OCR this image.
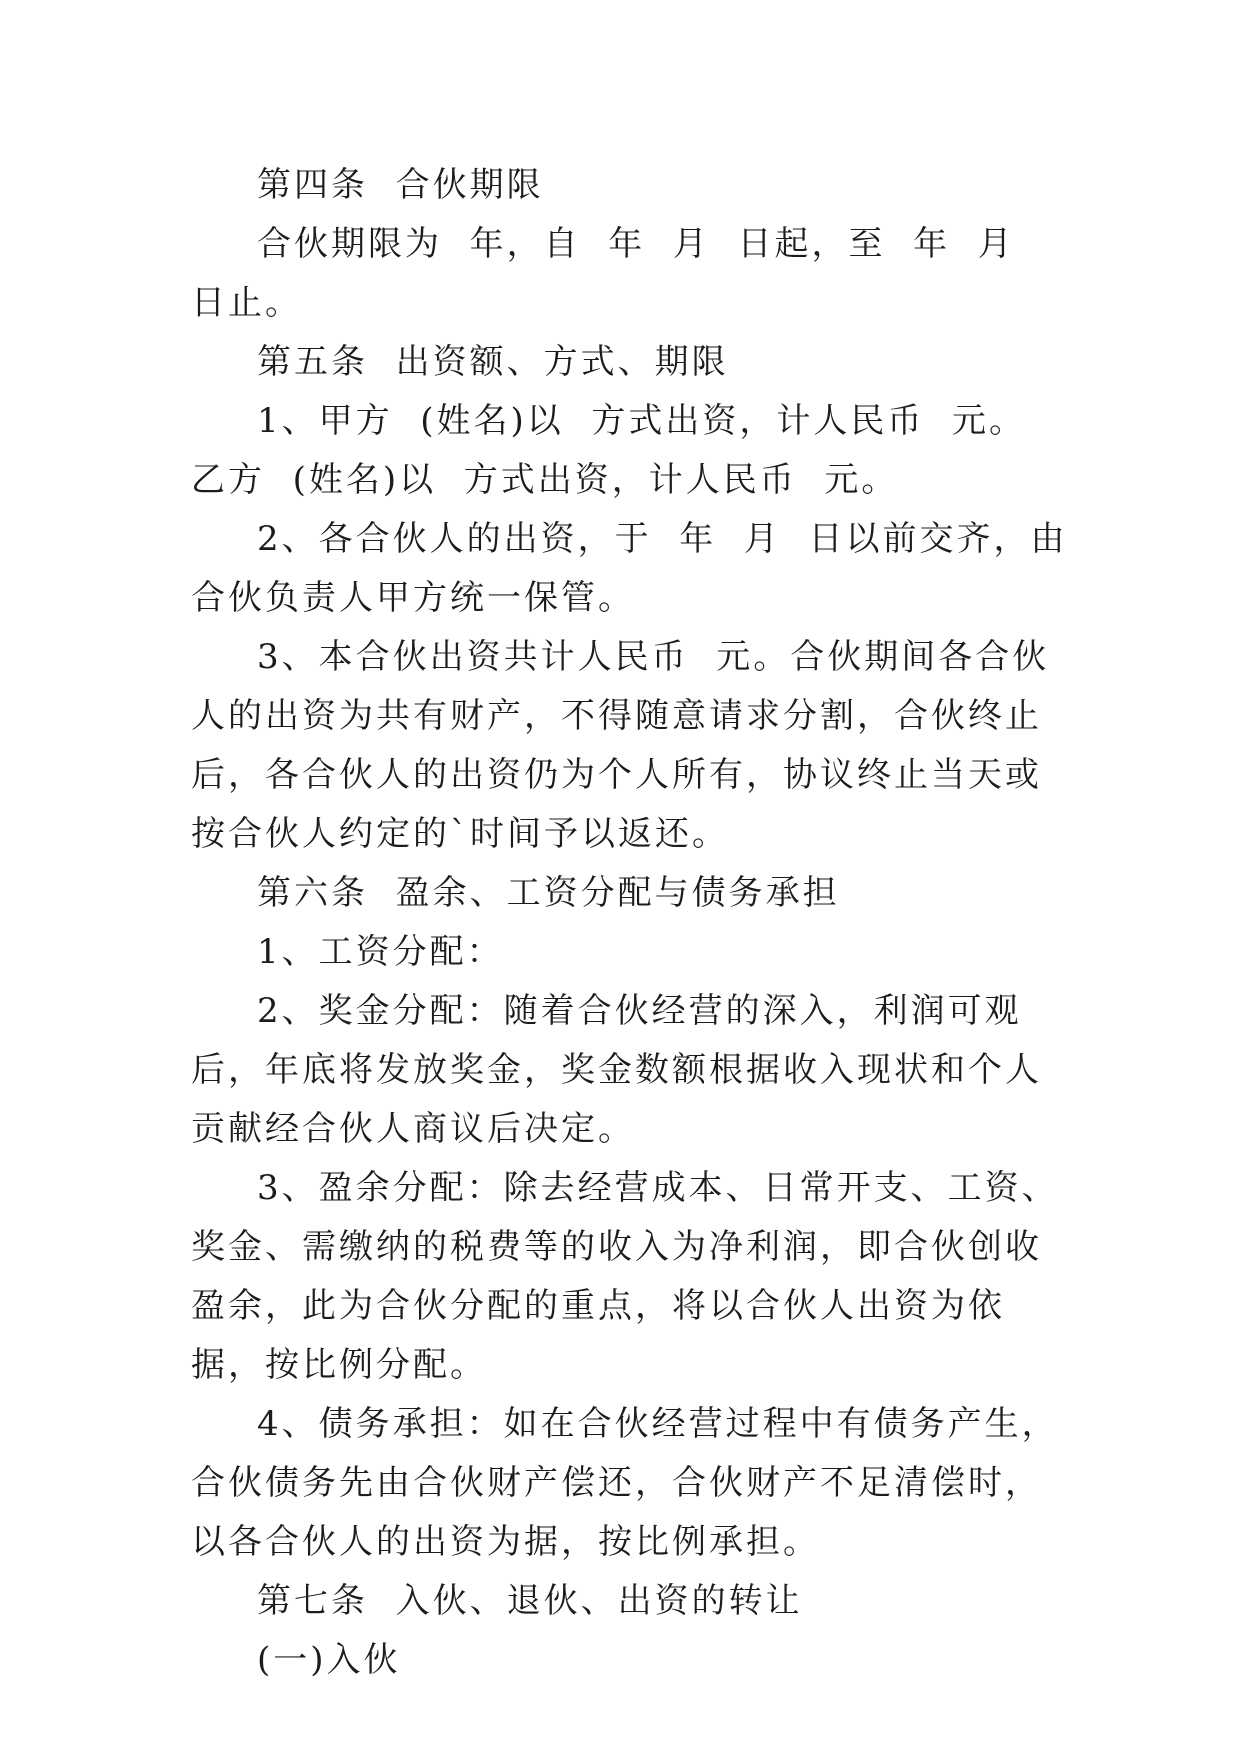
第四条  合伙期限

合伙期限为  年，自  年  月  日起，至  年  月  日止。

第五条  出资额、方式、期限

1、甲方  (姓名)以  方式出资，计人民币  元。  乙方  (姓名)以  方式出资，计人民币  元。

2、各合伙人的出资，于  年  月  日以前交齐，由合伙负责人甲方统一保管。

3、本合伙出资共计人民币  元。合伙期间各合伙人的出资为共有财产，不得随意请求分割，合伙终止后，各合伙人的出资仍为个人所有，协议终止当天或按合伙人约定的`时间予以返还。

第六条  盈余、工资分配与债务承担

1、工资分配：

2、奖金分配：随着合伙经营的深入，利润可观后，年底将发放奖金，奖金数额根据收入现状和个人贡献经合伙人商议后决定。

3、盈余分配：除去经营成本、日常开支、工资、奖金、需缴纳的税费等的收入为净利润，即合伙创收盈余，此为合伙分配的重点，将以合伙人出资为依据，按比例分配。

4、债务承担：如在合伙经营过程中有债务产生，合伙债务先由合伙财产偿还，合伙财产不足清偿时，以各合伙人的出资为据，按比例承担。

第七条  入伙、退伙、出资的转让

(一)入伙
